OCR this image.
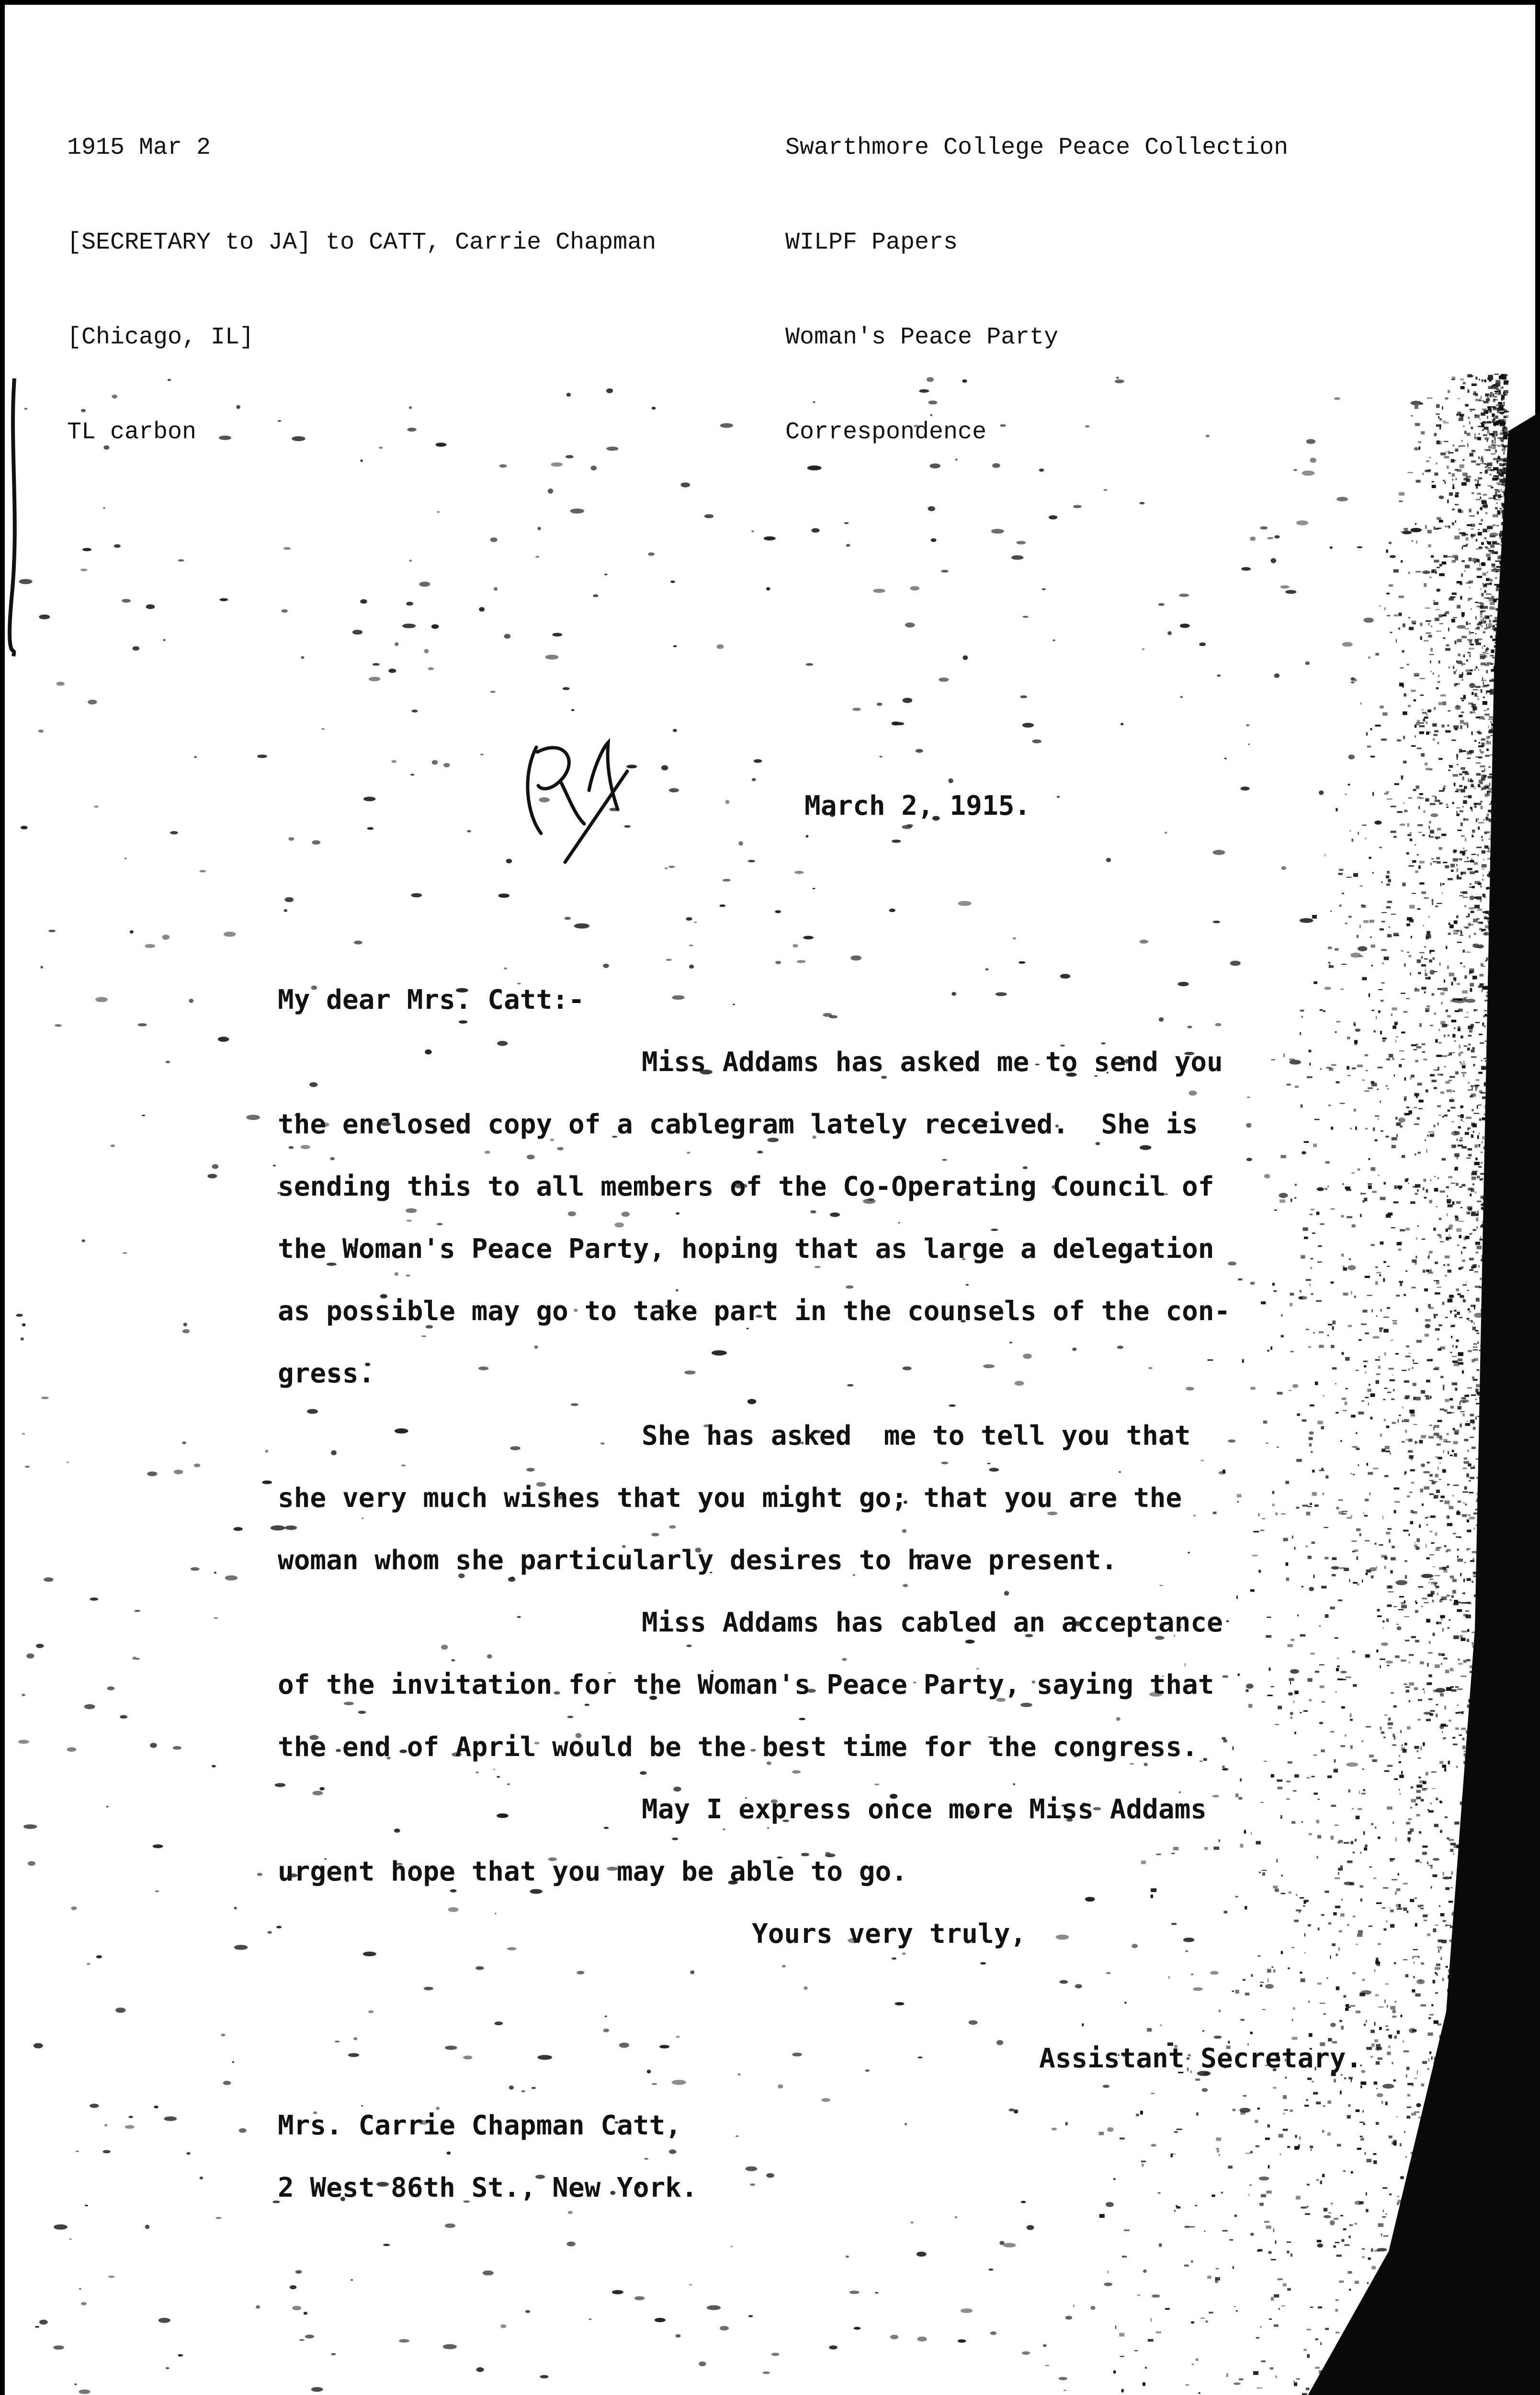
1915 Mar 2

[SECRETARY to JA] to CATT, Carrie Chapman

[Chicago, IL]

TL carbon

Swarthmore College Peace Collection

WILPF Papers

Woman's Peace Party

Correspondence

March 2, 1915.
My dear Mrs. Catt:-
Miss Addams has asked me to send you
the enclosed copy of a cablegram lately received.  She is
sending this to all members of the Co-Operating Council of
the Woman's Peace Party, hoping that as large a delegation
as possible may go to take part in the counsels of the con-
gress.
She has asked  me to tell you that
she very much wishes that you might go; that you are the
woman whom she particularly desires to have present.
Miss Addams has cabled an acceptance
of the invitation for the Woman's Peace Party, saying that
the end of April would be the best time for the congress.
May I express once more Miss Addams
urgent hope that you may be able to go.
Yours very truly,
Assistant Secretary.
Mrs. Carrie Chapman Catt,
2 West 86th St., New York.
